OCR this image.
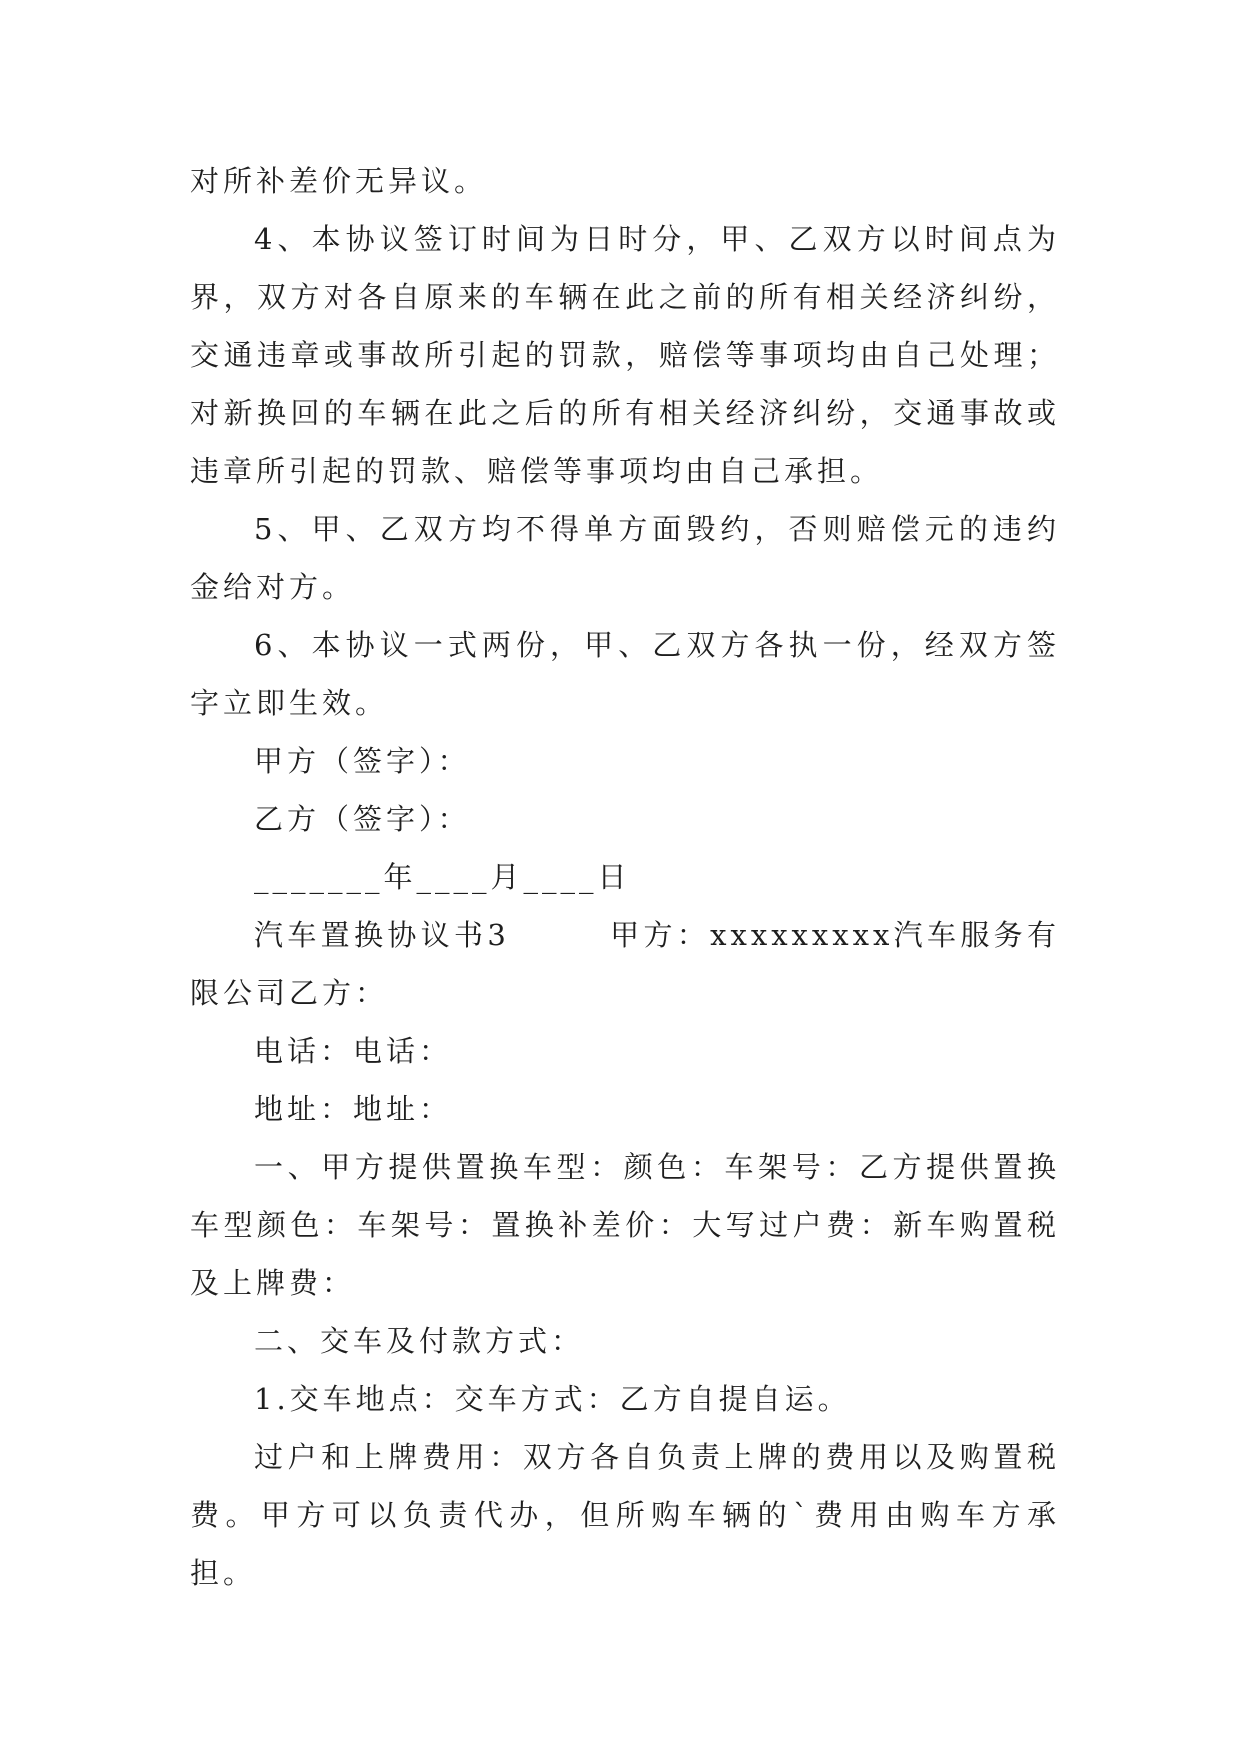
对所补差价无异议。

4、本协议签订时间为日时分，甲、乙双方以时间点为界，双方对各自原来的车辆在此之前的所有相关经济纠纷，交通违章或事故所引起的罚款，赔偿等事项均由自己处理；对新换回的车辆在此之后的所有相关经济纠纷，交通事故或违章所引起的罚款、赔偿等事项均由自己承担。

5、甲、乙双方均不得单方面毁约，否则赔偿元的违约金给对方。

6、本协议一式两份，甲、乙双方各执一份，经双方签字立即生效。

甲方（签字）：

乙方（签字）：

_______年____月____日

汽车置换协议书3　　　甲方：xxxxxxxxx汽车服务有限公司乙方：

电话：电话：

地址：地址：

一、甲方提供置换车型：颜色：车架号：乙方提供置换车型颜色：车架号：置换补差价：大写过户费：新车购置税及上牌费：

二、交车及付款方式：

1.交车地点：交车方式：乙方自提自运。

过户和上牌费用：双方各自负责上牌的费用以及购置税费。甲方可以负责代办，但所购车辆的`费用由购车方承担。
